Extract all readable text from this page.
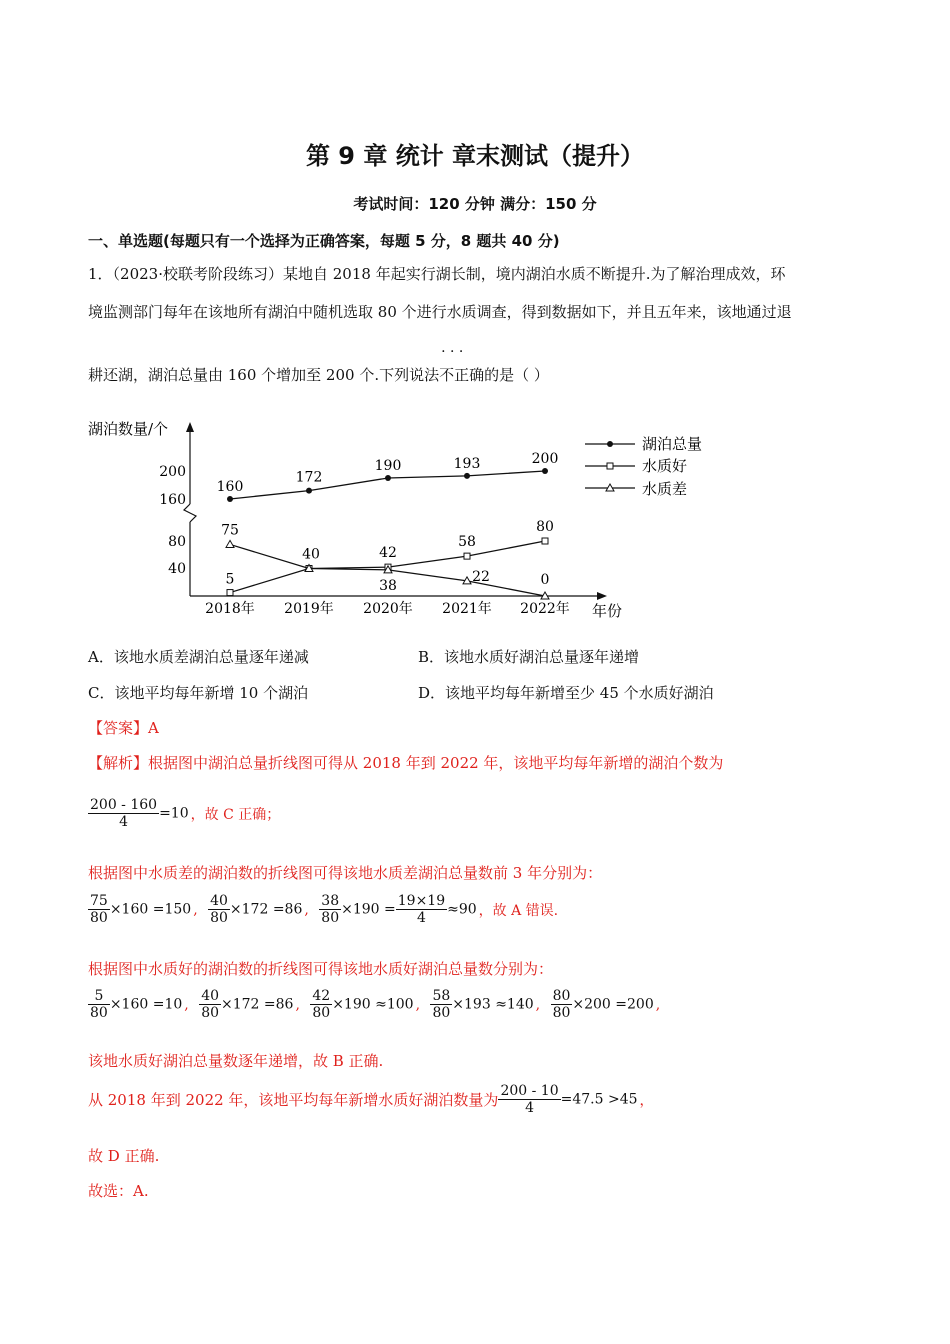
第 9 章 统计 章末测试（提升）
考试时间：120 分钟 满分：150 分
一、单选题(每题只有一个选择为正确答案，每题 5 分，8 题共 40 分)
1．（2023·校联考阶段练习）某地自 2018 年起实行湖长制，境内湖泊水质不断提升.为了解治理成效，环
境监测部门每年在该地所有湖泊中随机选取 80 个进行水质调查，得到数据如下，并且五年来，该地通过退
耕还湖，湖泊总量由 160 个增加至 200 个.下列说法· · · 不正确的是（ ）
湖泊数量/个
年份
200
160
80
40
2018年 2019年 2020年 2021年 2022年
160
172
190	193	200
5
40	42
58
80
75
38
22	0
湖泊总量
水质好
水质差
A．该地水质差湖泊总量逐年递减	B．该地水质好湖泊总量逐年递增
C．该地平均每年新增 10 个湖泊	D．该地平均每年新增至少 45 个水质好湖泊
【答案】A
【解析】根据图中湖泊总量折线图可得从 2018 年到 2022 年，该地平均每年新增的湖泊个数为
$\frac{200 - 160}{4} =10$ ，故 C 正确；
根据图中水质差的湖泊数的折线图可得该地水质差湖泊总量数前 3 年分别为：
$\frac{75}{80} \times 160 =150$ , $\frac{40}{80} \times 172 =86$ , $\frac{38}{80} \times 190 = \frac{19\times 19}{4} \approx 90$ ，故 A 错误.
根据图中水质好的湖泊数的折线图可得该地水质好湖泊总量数分别为：
$\frac{5}{80} \times 160 =10$ , $\frac{40}{80} \times 172 =86$ , $\frac{42}{80} \times 190 \approx 100$ , $\frac{58}{80} \times 193 \approx 140$ , $\frac{80}{80} \times 200 =200$ ,
该地水质好湖泊总量数逐年递增，故 B 正确.
从 2018 年到 2022 年，该地平均每年新增水质好湖泊数量为 $\frac{200 - 10}{4} =47.5 >45$ ，
故 D 正确.
故选：A.
